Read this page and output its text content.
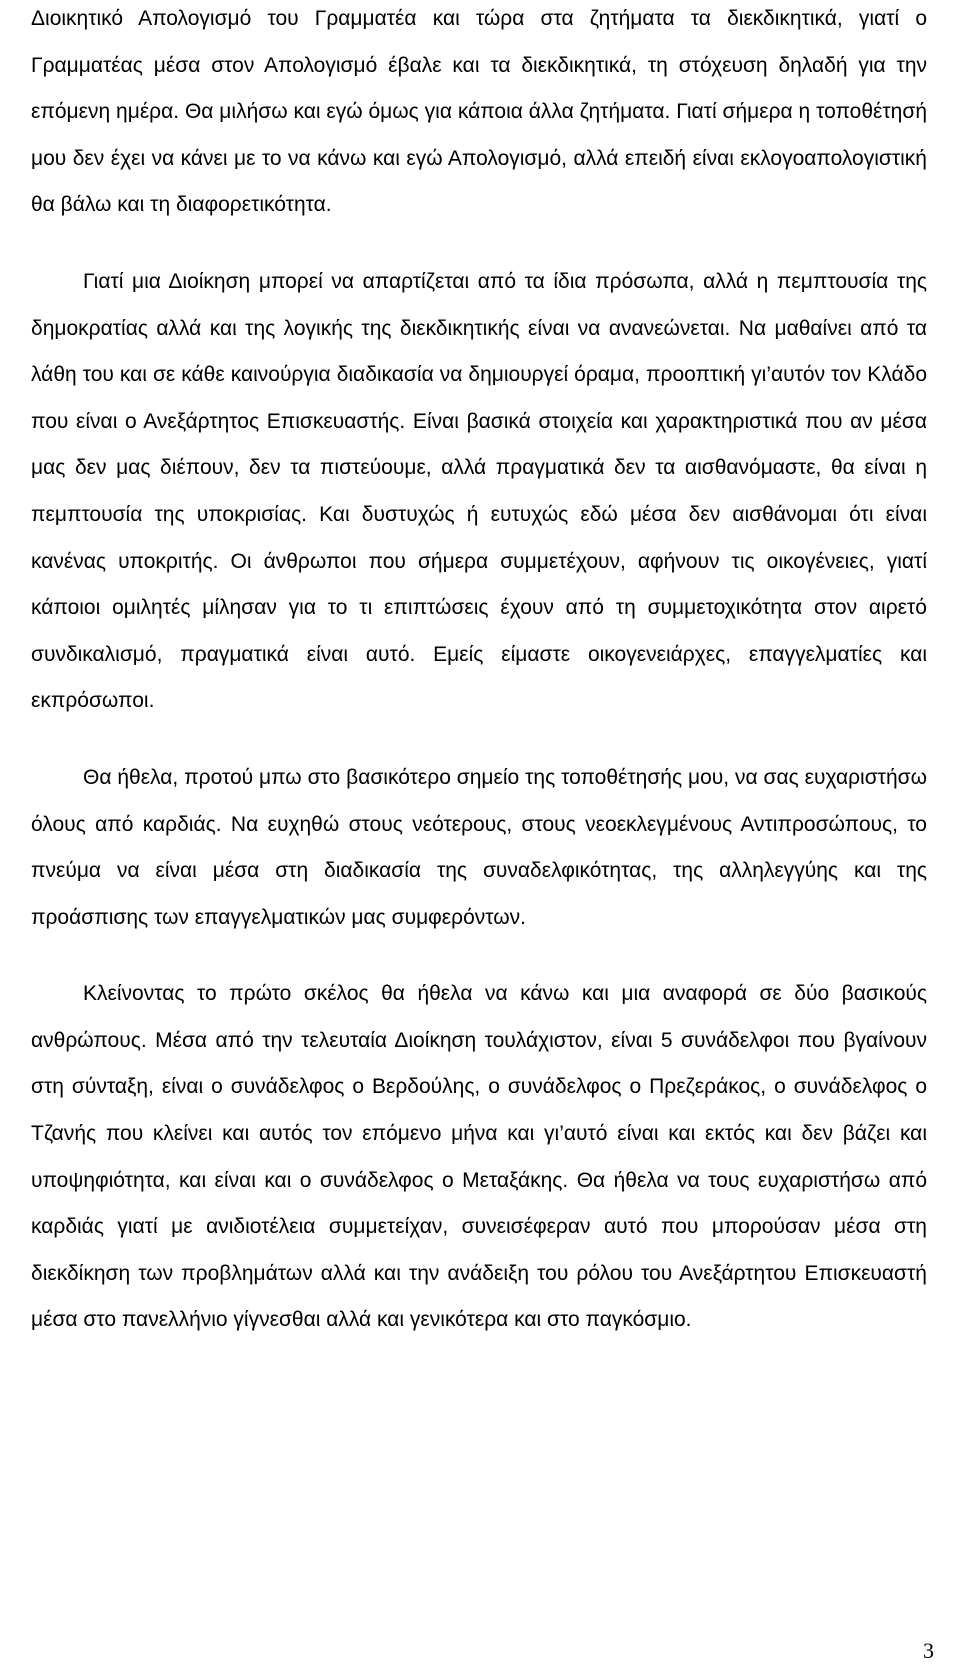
Διοικητικό Απολογισμό του Γραμματέα και τώρα στα ζητήματα τα διεκδικητικά, γιατί ο Γραμματέας μέσα στον Απολογισμό έβαλε και τα διεκδικητικά, τη στόχευση δηλαδή για την επόμενη ημέρα. Θα μιλήσω και εγώ όμως για κάποια άλλα ζητήματα. Γιατί σήμερα η τοποθέτησή μου δεν έχει να κάνει με το να κάνω και εγώ Απολογισμό, αλλά επειδή είναι εκλογοαπολογιστική θα βάλω και τη διαφορετικότητα.

Γιατί μια Διοίκηση μπορεί να απαρτίζεται από τα ίδια πρόσωπα, αλλά η πεμπτουσία της δημοκρατίας αλλά και της λογικής της διεκδικητικής είναι να ανανεώνεται. Να μαθαίνει από τα λάθη του και σε κάθε καινούργια διαδικασία να δημιουργεί όραμα, προοπτική γι’αυτόν τον Κλάδο που είναι ο Ανεξάρτητος Επισκευαστής. Είναι βασικά στοιχεία και χαρακτηριστικά που αν μέσα μας δεν μας διέπουν, δεν τα πιστεύουμε, αλλά πραγματικά δεν τα αισθανόμαστε, θα είναι η πεμπτουσία της υποκρισίας. Και δυστυχώς ή ευτυχώς εδώ μέσα δεν αισθάνομαι ότι είναι κανένας υποκριτής. Οι άνθρωποι που σήμερα συμμετέχουν, αφήνουν τις οικογένειες, γιατί κάποιοι ομιλητές μίλησαν για το τι επιπτώσεις έχουν από τη συμμετοχικότητα στον αιρετό συνδικαλισμό, πραγματικά είναι αυτό. Εμείς είμαστε οικογενειάρχες, επαγγελματίες και εκπρόσωποι.

Θα ήθελα, προτού μπω στο βασικότερο σημείο της τοποθέτησής μου, να σας ευχαριστήσω όλους από καρδιάς. Να ευχηθώ στους νεότερους, στους νεοεκλεγμένους Αντιπροσώπους, το πνεύμα να είναι μέσα στη διαδικασία της συναδελφικότητας, της αλληλεγγύης και της προάσπισης των επαγγελματικών μας συμφερόντων.

Κλείνοντας το πρώτο σκέλος θα ήθελα να κάνω και μια αναφορά σε δύο βασικούς ανθρώπους. Μέσα από την τελευταία Διοίκηση τουλάχιστον, είναι 5 συνάδελφοι που βγαίνουν στη σύνταξη, είναι ο συνάδελφος ο Βερδούλης, ο συνάδελφος ο Πρεζεράκος, ο συνάδελφος ο Τζανής που κλείνει και αυτός τον επόμενο μήνα και γι’αυτό είναι και εκτός και δεν βάζει και υποψηφιότητα, και είναι και ο συνάδελφος ο Μεταξάκης. Θα ήθελα να τους ευχαριστήσω από καρδιάς γιατί με ανιδιοτέλεια συμμετείχαν, συνεισέφεραν αυτό που μπορούσαν μέσα στη διεκδίκηση των προβλημάτων αλλά και την ανάδειξη του ρόλου του Ανεξάρτητου Επισκευαστή μέσα στο πανελλήνιο γίγνεσθαι αλλά και γενικότερα και στο παγκόσμιο.

3
